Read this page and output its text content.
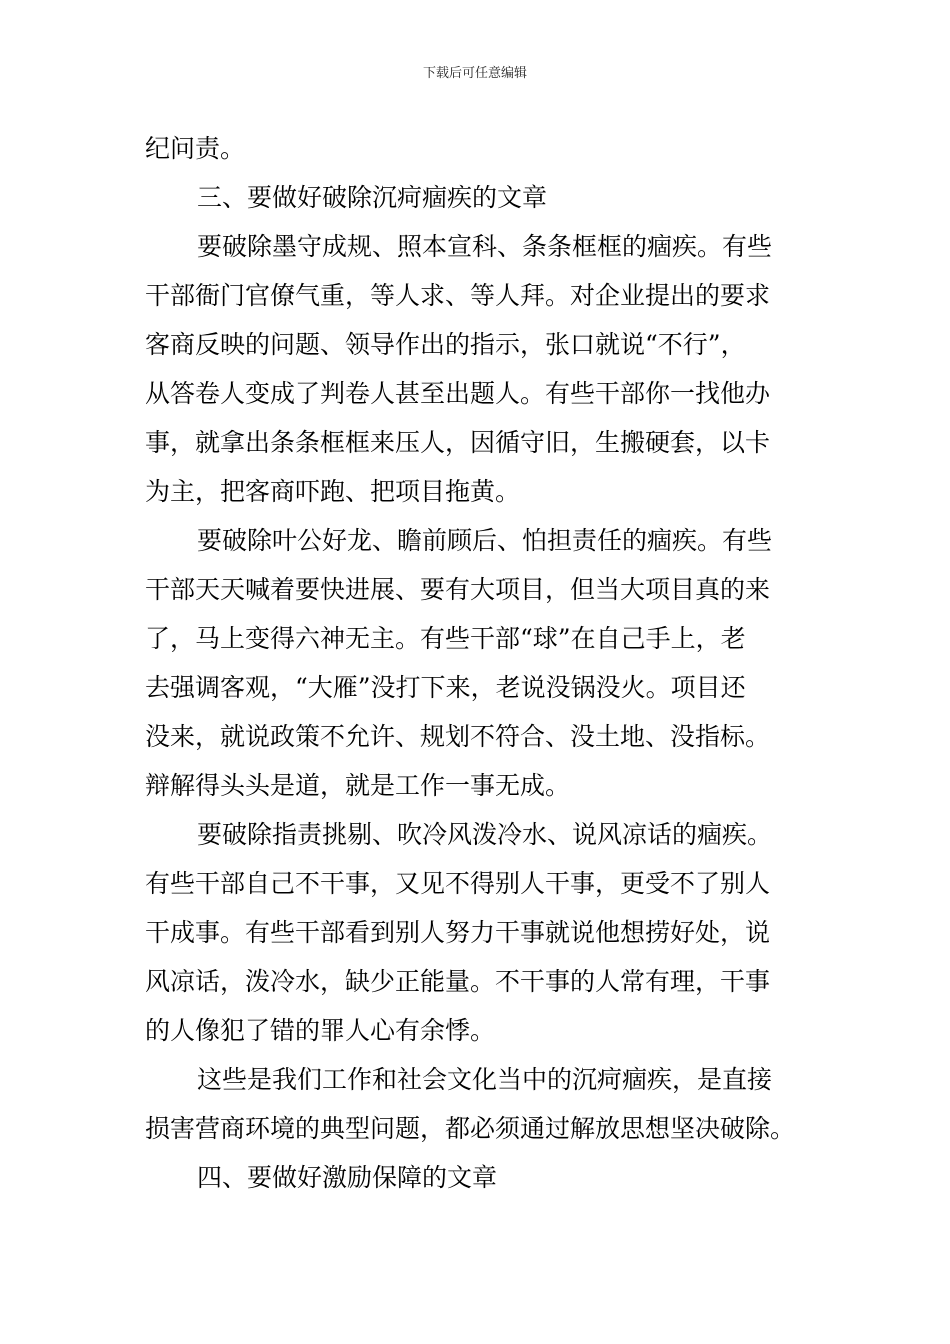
下载后可任意编辑
纪问责。
三、要做好破除沉疴痼疾的文章
要破除墨守成规、照本宣科、条条框框的痼疾。有些
干部衙门官僚气重，等人求、等人拜。对企业提出的要求
客商反映的问题、领导作出的指示，张口就说“不行”，
从答卷人变成了判卷人甚至出题人。有些干部你一找他办
事，就拿出条条框框来压人，因循守旧，生搬硬套，以卡
为主，把客商吓跑、把项目拖黄。
要破除叶公好龙、瞻前顾后、怕担责任的痼疾。有些
干部天天喊着要快进展、要有大项目，但当大项目真的来
了，马上变得六神无主。有些干部“球”在自己手上，老
去强调客观，“大雁”没打下来，老说没锅没火。项目还
没来，就说政策不允许、规划不符合、没土地、没指标。
辩解得头头是道，就是工作一事无成。
要破除指责挑剔、吹冷风泼冷水、说风凉话的痼疾。
有些干部自己不干事，又见不得别人干事，更受不了别人
干成事。有些干部看到别人努力干事就说他想捞好处，说
风凉话，泼冷水，缺少正能量。不干事的人常有理，干事
的人像犯了错的罪人心有余悸。
这些是我们工作和社会文化当中的沉疴痼疾，是直接
损害营商环境的典型问题，都必须通过解放思想坚决破除。
四、要做好激励保障的文章
